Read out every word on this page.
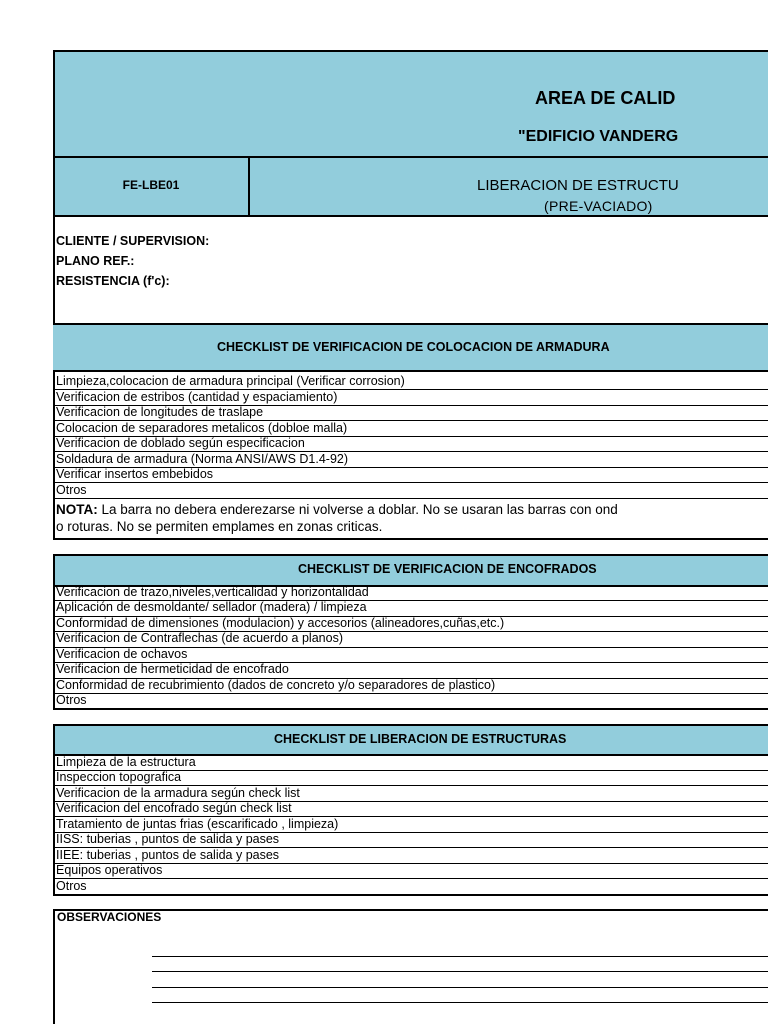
AREA DE CALID
"EDIFICIO VANDERG
FE-LBE01	LIBERACION DE ESTRUCTU
(PRE-VACIADO)
CLIENTE / SUPERVISION:
PLANO REF.:
RESISTENCIA (f'c):
CHECKLIST DE VERIFICACION DE COLOCACION DE ARMADURA
Limpieza,colocacion de armadura principal (Verificar corrosion)
Verificacion de estribos (cantidad y espaciamiento)
Verificacion de longitudes de traslape
Colocacion de separadores metalicos (dobloe malla)
Verificacion de doblado según especificacion
Soldadura de armadura (Norma ANSI/AWS D1.4-92)
Verificar insertos embebidos
Otros
NOTA: La barra no debera enderezarse ni volverse a doblar. No se usaran las barras con ond
o roturas. No se permiten emplames en zonas criticas.
CHECKLIST DE VERIFICACION DE ENCOFRADOS
Verificacion de trazo,niveles,verticalidad y horizontalidad
Aplicación de desmoldante/ sellador (madera) / limpieza
Conformidad de dimensiones (modulacion) y accesorios (alineadores,cuñas,etc.)
Verificacion de Contraflechas (de acuerdo a planos)
Verificacion de ochavos
Verificacion de hermeticidad de encofrado
Conformidad de recubrimiento (dados de concreto y/o separadores de plastico)
Otros
CHECKLIST DE LIBERACION DE ESTRUCTURAS
Limpieza de la estructura
Inspeccion topografica
Verificacion de la armadura según check list
Verificacion del encofrado según check list
Tratamiento de juntas frias (escarificado , limpieza)
IISS: tuberias , puntos de salida y pases
IIEE: tuberias , puntos de salida y pases
Equipos operativos
Otros
OBSERVACIONES
